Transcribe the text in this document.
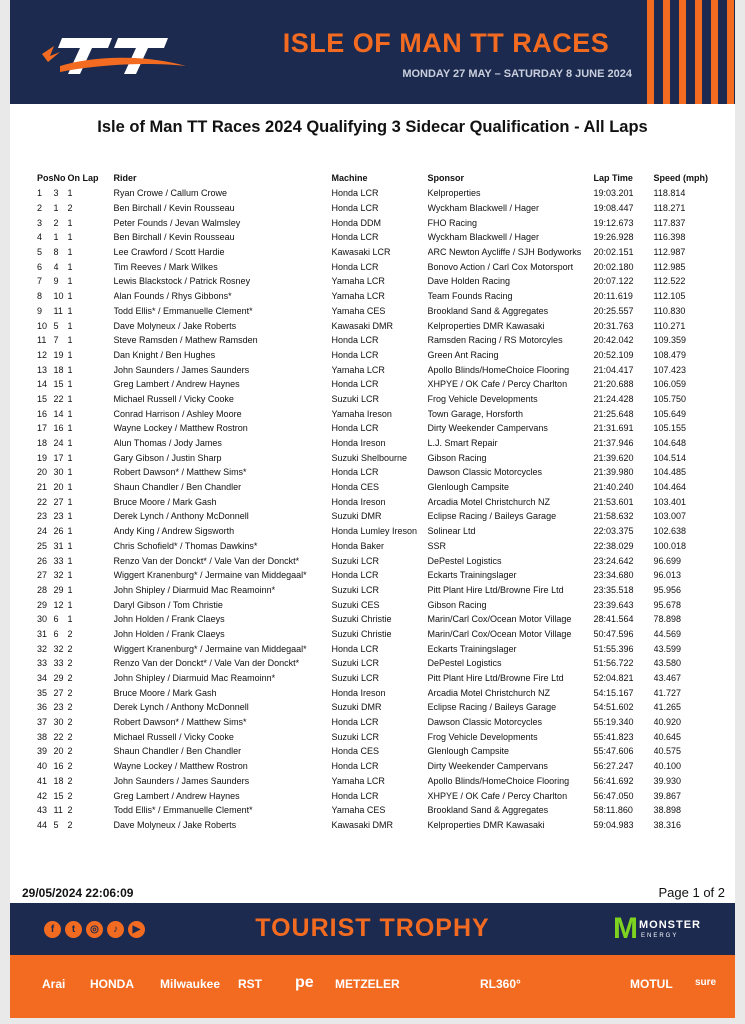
ISLE OF MAN TT RACES
MONDAY 27 MAY – SATURDAY 8 JUNE 2024
Isle of Man TT Races 2024 Qualifying 3 Sidecar Qualification - All Laps
Pos	No	On Lap	Rider	Machine	Sponsor	Lap Time	Speed (mph)
1	3	1	Ryan Crowe / Callum Crowe	Honda LCR	Kelproperties	19:03.201	118.814
2	1	2	Ben Birchall / Kevin Rousseau	Honda LCR	Wyckham Blackwell / Hager	19:08.447	118.271
3	2	1	Peter Founds / Jevan Walmsley	Honda DDM	FHO Racing	19:12.673	117.837
4	1	1	Ben Birchall / Kevin Rousseau	Honda LCR	Wyckham Blackwell / Hager	19:26.928	116.398
5	8	1	Lee Crawford / Scott Hardie	Kawasaki LCR	ARC Newton Aycliffe / SJH Bodyworks	20:02.151	112.987
6	4	1	Tim Reeves / Mark Wilkes	Honda LCR	Bonovo Action / Carl Cox Motorsport	20:02.180	112.985
7	9	1	Lewis Blackstock / Patrick Rosney	Yamaha LCR	Dave Holden Racing	20:07.122	112.522
8	10	1	Alan Founds / Rhys Gibbons*	Yamaha LCR	Team Founds Racing	20:11.619	112.105
9	11	1	Todd Ellis* / Emmanuelle Clement*	Yamaha CES	Brookland Sand & Aggregates	20:25.557	110.830
10	5	1	Dave Molyneux / Jake Roberts	Kawasaki DMR	Kelproperties DMR Kawasaki	20:31.763	110.271
11	7	1	Steve Ramsden / Mathew Ramsden	Honda LCR	Ramsden Racing / RS Motorcyles	20:42.042	109.359
12	19	1	Dan Knight / Ben Hughes	Honda LCR	Green Ant Racing	20:52.109	108.479
13	18	1	John Saunders / James Saunders	Yamaha LCR	Apollo Blinds/HomeChoice Flooring	21:04.417	107.423
14	15	1	Greg Lambert / Andrew Haynes	Honda LCR	XHPYE / OK Cafe / Percy Charlton	21:20.688	106.059
15	22	1	Michael Russell / Vicky Cooke	Suzuki LCR	Frog Vehicle Developments	21:24.428	105.750
16	14	1	Conrad Harrison / Ashley Moore	Yamaha Ireson	Town Garage, Horsforth	21:25.648	105.649
17	16	1	Wayne Lockey / Matthew Rostron	Honda LCR	Dirty Weekender Campervans	21:31.691	105.155
18	24	1	Alun Thomas / Jody James	Honda Ireson	L.J. Smart Repair	21:37.946	104.648
19	17	1	Gary Gibson / Justin Sharp	Suzuki Shelbourne	Gibson Racing	21:39.620	104.514
20	30	1	Robert Dawson* / Matthew Sims*	Honda LCR	Dawson Classic Motorcycles	21:39.980	104.485
21	20	1	Shaun Chandler / Ben Chandler	Honda CES	Glenlough Campsite	21:40.240	104.464
22	27	1	Bruce Moore / Mark Gash	Honda Ireson	Arcadia Motel Christchurch NZ	21:53.601	103.401
23	23	1	Derek Lynch / Anthony McDonnell	Suzuki DMR	Eclipse Racing / Baileys Garage	21:58.632	103.007
24	26	1	Andy King / Andrew Sigsworth	Honda Lumley Ireson	Solinear Ltd	22:03.375	102.638
25	31	1	Chris Schofield* / Thomas Dawkins*	Honda Baker	SSR	22:38.029	100.018
26	33	1	Renzo Van der Donckt* / Vale Van der Donckt*	Suzuki LCR	DePestel Logistics	23:24.642	96.699
27	32	1	Wiggert Kranenburg* / Jermaine van Middegaal*	Honda LCR	Eckarts Trainingslager	23:34.680	96.013
28	29	1	John Shipley / Diarmuid Mac Reamoinn*	Suzuki LCR	Pitt Plant Hire Ltd/Browne Fire Ltd	23:35.518	95.956
29	12	1	Daryl Gibson / Tom Christie	Suzuki CES	Gibson Racing	23:39.643	95.678
30	6	1	John Holden / Frank Claeys	Suzuki Christie	Marin/Carl Cox/Ocean Motor Village	28:41.564	78.898
31	6	2	John Holden / Frank Claeys	Suzuki Christie	Marin/Carl Cox/Ocean Motor Village	50:47.596	44.569
32	32	2	Wiggert Kranenburg* / Jermaine van Middegaal*	Honda LCR	Eckarts Trainingslager	51:55.396	43.599
33	33	2	Renzo Van der Donckt* / Vale Van der Donckt*	Suzuki LCR	DePestel Logistics	51:56.722	43.580
34	29	2	John Shipley / Diarmuid Mac Reamoinn*	Suzuki LCR	Pitt Plant Hire Ltd/Browne Fire Ltd	52:04.821	43.467
35	27	2	Bruce Moore / Mark Gash	Honda Ireson	Arcadia Motel Christchurch NZ	54:15.167	41.727
36	23	2	Derek Lynch / Anthony McDonnell	Suzuki DMR	Eclipse Racing / Baileys Garage	54:51.602	41.265
37	30	2	Robert Dawson* / Matthew Sims*	Honda LCR	Dawson Classic Motorcycles	55:19.340	40.920
38	22	2	Michael Russell / Vicky Cooke	Suzuki LCR	Frog Vehicle Developments	55:41.823	40.645
39	20	2	Shaun Chandler / Ben Chandler	Honda CES	Glenlough Campsite	55:47.606	40.575
40	16	2	Wayne Lockey / Matthew Rostron	Honda LCR	Dirty Weekender Campervans	56:27.247	40.100
41	18	2	John Saunders / James Saunders	Yamaha LCR	Apollo Blinds/HomeChoice Flooring	56:41.692	39.930
42	15	2	Greg Lambert / Andrew Haynes	Honda LCR	XHPYE / OK Cafe / Percy Charlton	56:47.050	39.867
43	11	2	Todd Ellis* / Emmanuelle Clement*	Yamaha CES	Brookland Sand & Aggregates	58:11.860	38.898
44	5	2	Dave Molyneux / Jake Roberts	Kawasaki DMR	Kelproperties DMR Kawasaki	59:04.983	38.316
29/05/2024 22:06:09	Page 1 of 2
f	t	◎	♪	▶	TOURIST TROPHY	M MONSTER
ENERGY
Arai HONDA Milwaukee RST pe METZELER	RL360°	MOTUL sure
